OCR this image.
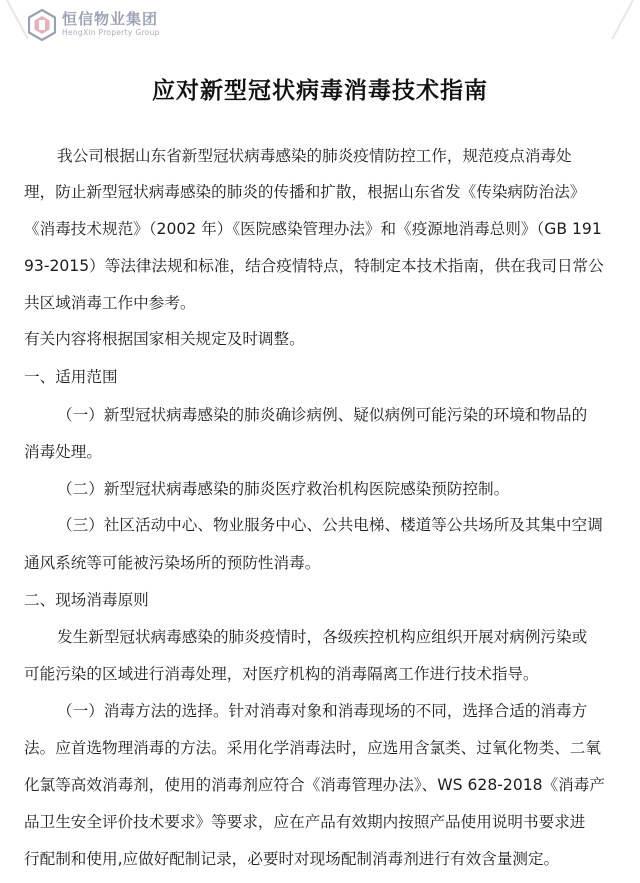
恒信物业集团
HengXin Property Group
应对新型冠状病毒消毒技术指南
我公司根据山东省新型冠状病毒感染的肺炎疫情防控工作，规范疫点消毒处
理，防止新型冠状病毒感染的肺炎的传播和扩散，根据山东省发《传染病防治法》
《消毒技术规范》（2002 年）《医院感染管理办法》和《疫源地消毒总则》（GB 191
93-2015）等法律法规和标准，结合疫情特点，特制定本技术指南，供在我司日常公
共区域消毒工作中参考。
有关内容将根据国家相关规定及时调整。
一、适用范围
（一）新型冠状病毒感染的肺炎确诊病例、疑似病例可能污染的环境和物品的
消毒处理。
（二）新型冠状病毒感染的肺炎医疗救治机构医院感染预防控制。
（三）社区活动中心、物业服务中心、公共电梯、楼道等公共场所及其集中空调
通风系统等可能被污染场所的预防性消毒。
二、现场消毒原则
发生新型冠状病毒感染的肺炎疫情时，各级疾控机构应组织开展对病例污染或
可能污染的区域进行消毒处理，对医疗机构的消毒隔离工作进行技术指导。
（一）消毒方法的选择。针对消毒对象和消毒现场的不同，选择合适的消毒方
法。应首选物理消毒的方法。采用化学消毒法时，应选用含氯类、过氧化物类、二氧
化氯等高效消毒剂，使用的消毒剂应符合《消毒管理办法》、WS 628-2018《消毒产
品卫生安全评价技术要求》等要求，应在产品有效期内按照产品使用说明书要求进
行配制和使用,应做好配制记录，必要时对现场配制消毒剂进行有效含量测定。
